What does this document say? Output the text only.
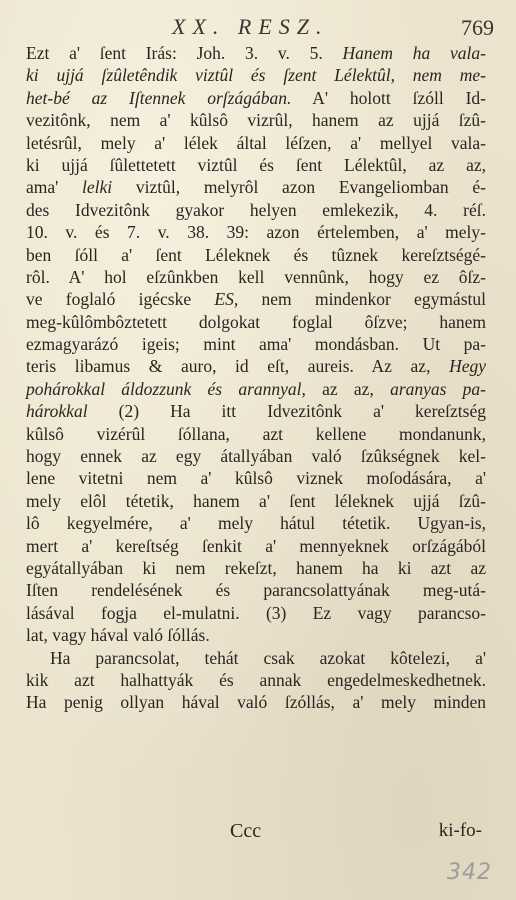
XX. RESZ.	769
Ezt a' ſent Irás: Joh. 3. v. 5. Hanem ha vala-
ki ujjá ſzûletêndik viztûl és ſzent Lélektûl, nem me-
het-bé az Iſtennek orſzágában. A' holott ſzóll Id-
vezitônk, nem a' kûlsô vizrûl, hanem az ujjá ſzû-
letésrûl, mely a' lélek által léſzen, a' mellyel vala-
ki ujjá ſûlettetett viztûl és ſent Lélektûl, az az,
ama' lelki viztûl, melyrôl azon Evangeliomban é-
des Idvezitônk gyakor helyen emlekezik, 4. réſ.
10. v. és 7. v. 38. 39: azon értelemben, a' mely-
ben ſóll a' ſent Léleknek és tûznek kereſztségé-
rôl. A' hol eſzûnkben kell vennûnk, hogy ez ôſz-
ve foglaló igécske ES, nem mindenkor egymástul
meg-kûlômbôztetett dolgokat foglal ôſzve; hanem
ezmagyarázó igeis; mint ama' mondásban. Ut pa-
teris libamus & auro, id eſt, aureis. Az az, Hegy
pohárokkal áldozzunk és arannyal, az az, aranyas pa-
hárokkal (2) Ha itt Idvezitônk a' kereſztség
kûlsô vizérûl ſóllana, azt kellene mondanunk,
hogy ennek az egy átallyában való ſzûkségnek kel-
lene vitetni nem a' kûlsô viznek moſodására, a'
mely elôl tétetik, hanem a' ſent léleknek ujjá ſzû-
lô kegyelmére, a' mely hátul tétetik. Ugyan-is,
mert a' kereſtség ſenkit a' mennyeknek orſzágából
egyátallyában ki nem rekeſzt, hanem ha ki azt az
Iſten rendelésének és parancsolattyának meg-utá-
lásával fogja el-mulatni. (3) Ez vagy parancso-
lat, vagy hával való ſóllás.
Ha parancsolat, tehát csak azokat kôtelezi, a'
kik azt halhattyák és annak engedelmeskedhetnek.
Ha penig ollyan hával való ſzóllás, a' mely minden
Ccc	ki-fo-
342
